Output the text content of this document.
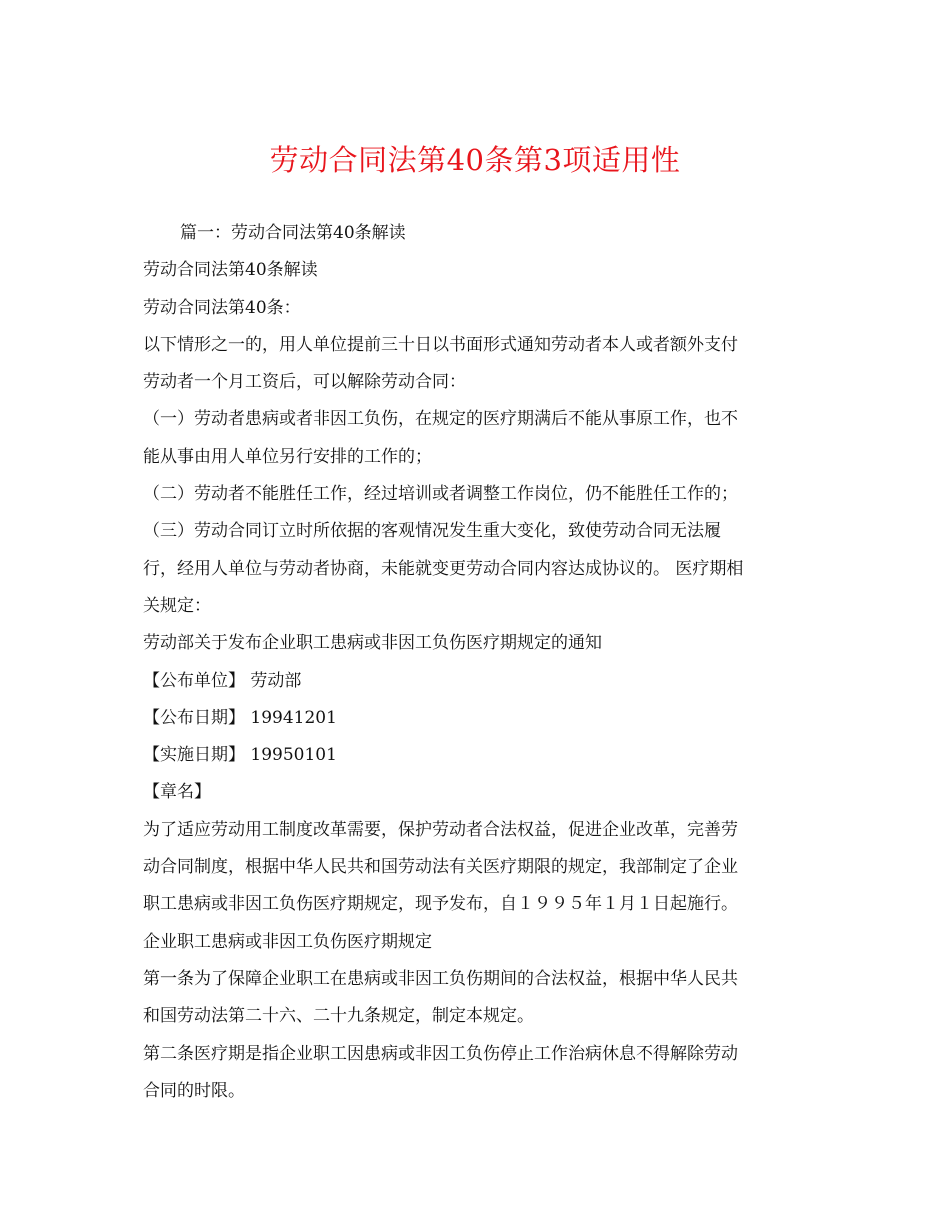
劳动合同法第40条第3项适用性
篇一：劳动合同法第40条解读
劳动合同法第40条解读
劳动合同法第40条：
以下情形之一的，用人单位提前三十日以书面形式通知劳动者本人或者额外支付
劳动者一个月工资后，可以解除劳动合同：
（一）劳动者患病或者非因工负伤，在规定的医疗期满后不能从事原工作，也不
能从事由用人单位另行安排的工作的；
（二）劳动者不能胜任工作，经过培训或者调整工作岗位，仍不能胜任工作的；
（三）劳动合同订立时所依据的客观情况发生重大变化，致使劳动合同无法履
行，经用人单位与劳动者协商，未能就变更劳动合同内容达成协议的。 医疗期相
关规定：
劳动部关于发布企业职工患病或非因工负伤医疗期规定的通知
【公布单位】 劳动部
【公布日期】 19941201
【实施日期】 19950101
【章名】
为了适应劳动用工制度改革需要，保护劳动者合法权益，促进企业改革，完善劳
动合同制度，根据中华人民共和国劳动法有关医疗期限的规定，我部制定了企业
职工患病或非因工负伤医疗期规定，现予发布，自１９９５年１月１日起施行。
企业职工患病或非因工负伤医疗期规定
第一条为了保障企业职工在患病或非因工负伤期间的合法权益，根据中华人民共
和国劳动法第二十六、二十九条规定，制定本规定。
第二条医疗期是指企业职工因患病或非因工负伤停止工作治病休息不得解除劳动
合同的时限。
